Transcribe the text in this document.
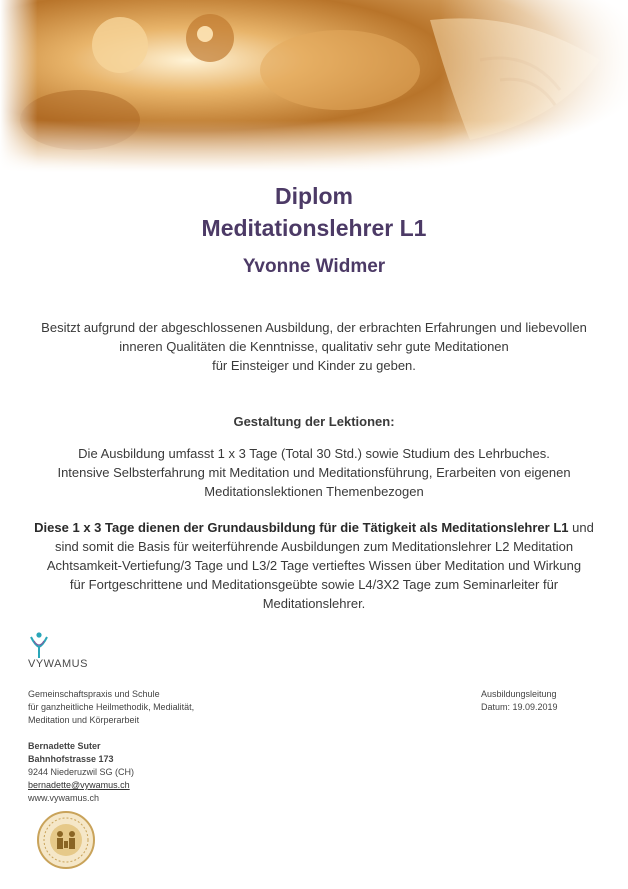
Diplom
Meditationslehrer L1
Yvonne Widmer
Besitzt aufgrund der abgeschlossenen Ausbildung, der erbrachten Erfahrungen und liebevollen
inneren Qualitäten die Kenntnisse, qualitativ sehr gute Meditationen
für Einsteiger und Kinder zu geben.
Gestaltung der Lektionen:
Die Ausbildung umfasst 1 x 3 Tage (Total 30 Std.) sowie Studium des Lehrbuches.
Intensive Selbsterfahrung mit Meditation und Meditationsführung, Erarbeiten von eigenen
Meditationslektionen Themenbezogen
Diese 1 x 3 Tage dienen der Grundausbildung für die Tätigkeit als Meditationslehrer L1 und
sind somit die Basis für weiterführende Ausbildungen zum Meditationslehrer L2 Meditation
Achtsamkeit-Vertiefung/3 Tage und L3/2 Tage vertieftes Wissen über Meditation und Wirkung
für Fortgeschrittene und Meditationsgeübte sowie L4/3X2 Tage zum Seminarleiter für
Meditationslehrer.
VYWAMUS
Gemeinschaftspraxis und Schule
für ganzheitliche Heilmethodik, Medialität,
Meditation und Körperarbeit
Bernadette Suter
Bahnhofstrasse 173
9244 Niederuzwil SG (CH)
bernadette@vywamus.ch
www.vywamus.ch
Ausbildungsleitung
Datum: 19.09.2019
